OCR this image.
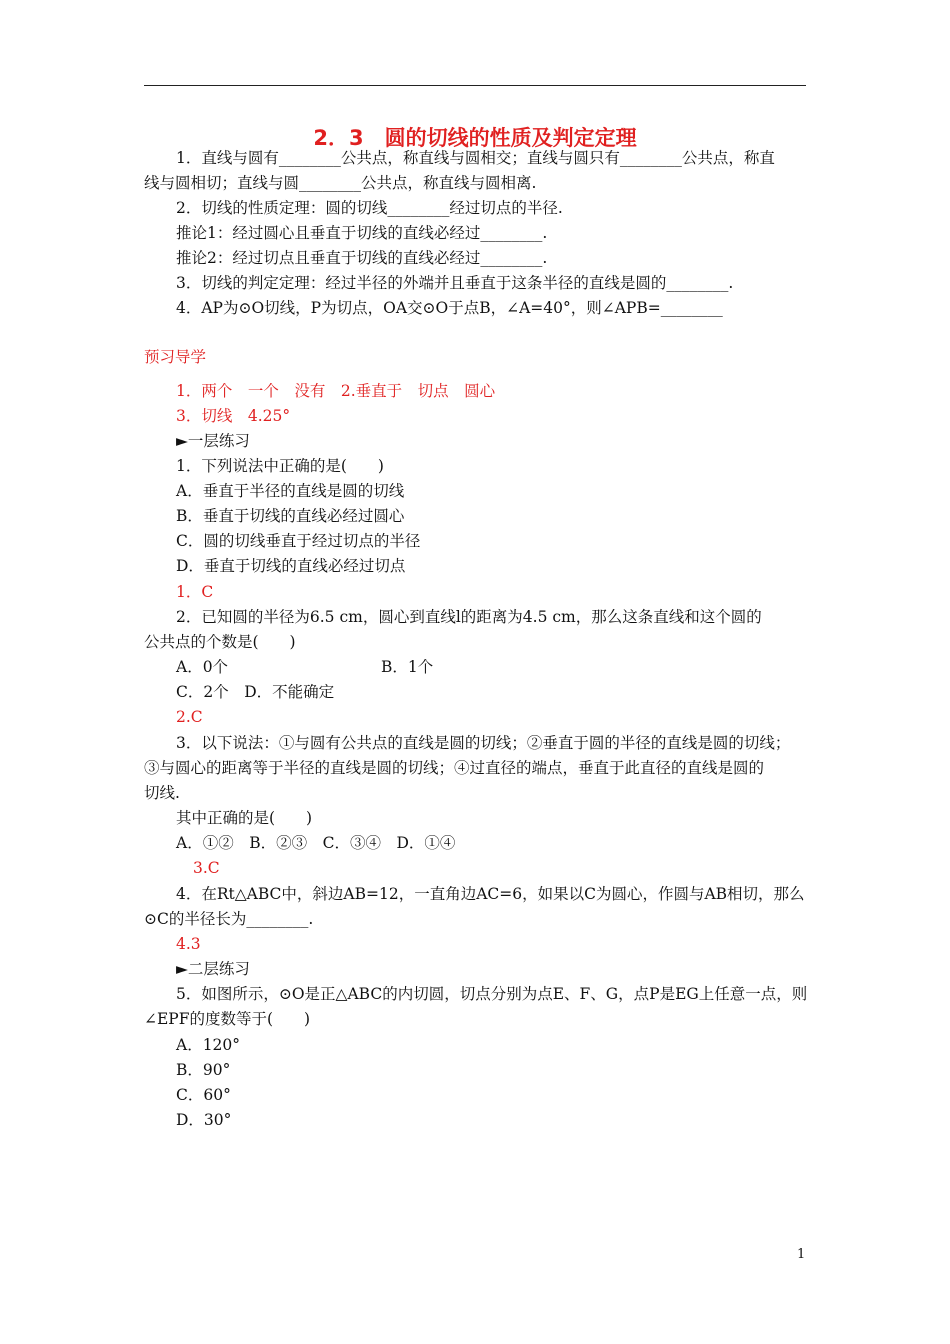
2．3　圆的切线的性质及判定定理
1．直线与圆有________公共点，称直线与圆相交；直线与圆只有________公共点，称直
线与圆相切；直线与圆________公共点，称直线与圆相离.
2．切线的性质定理：圆的切线________经过切点的半径.
推论1：经过圆心且垂直于切线的直线必经过________.
推论2：经过切点且垂直于切线的直线必经过________.
3．切线的判定定理：经过半径的外端并且垂直于这条半径的直线是圆的________.
4．AP为⊙O切线，P为切点，OA交⊙O于点B，∠A=40°，则∠APB=________
预习导学
1．两个　一个　没有　2.垂直于　切点　圆心
3．切线　4.25°
►一层练习
1．下列说法中正确的是(　　)
A．垂直于半径的直线是圆的切线
B．垂直于切线的直线必经过圆心
C．圆的切线垂直于经过切点的半径
D．垂直于切线的直线必经过切点
1．C
2．已知圆的半径为6.5 cm，圆心到直线l的距离为4.5 cm，那么这条直线和这个圆的
公共点的个数是(　　)
A．0个	B．1个
C．2个　D．不能确定
2.C
3．以下说法：①与圆有公共点的直线是圆的切线；②垂直于圆的半径的直线是圆的切线；
③与圆心的距离等于半径的直线是圆的切线；④过直径的端点，垂直于此直径的直线是圆的
切线.
其中正确的是(　　)
A．①②　B．②③　C．③④　D．①④
3.C
4．在Rt△ABC中，斜边AB=12，一直角边AC=6，如果以C为圆心，作圆与AB相切，那么
⊙C的半径长为________.
4.3
►二层练习
5．如图所示，⊙O是正△ABC的内切圆，切点分别为点E、F、G，点P是EG上任意一点，则
∠EPF的度数等于(　　)
A．120°
B．90°
C．60°
D．30°
1
